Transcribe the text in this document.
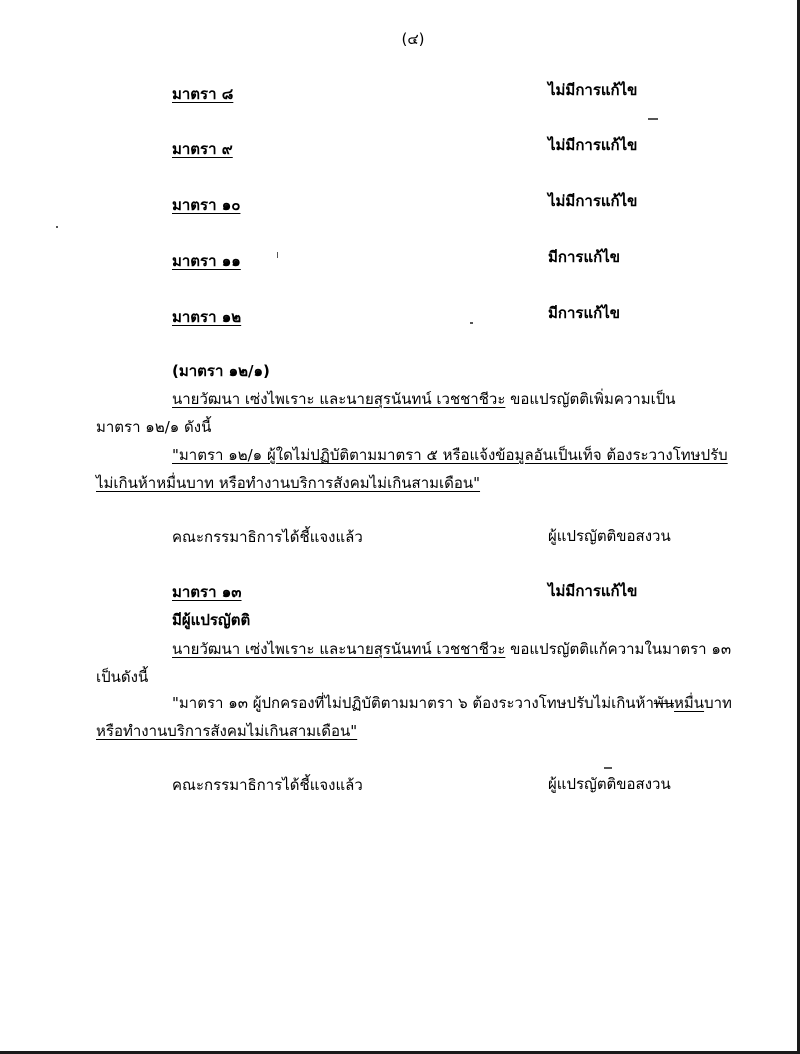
(๔)
มาตรา ๘	ไม่มีการแก้ไข
มาตรา ๙	ไม่มีการแก้ไข
มาตรา ๑๐	ไม่มีการแก้ไข
มาตรา ๑๑	มีการแก้ไข
มาตรา ๑๒	มีการแก้ไข
(มาตรา ๑๒/๑)
นายวัฒนา เซ่งไพเราะ และนายสุรนันทน์ เวชชาชีวะ ขอแปรญัตติเพิ่มความเป็น
มาตรา ๑๒/๑ ดังนี้
"มาตรา ๑๒/๑ ผู้ใดไม่ปฏิบัติตามมาตรา ๕ หรือแจ้งข้อมูลอันเป็นเท็จ ต้องระวางโทษปรับ
ไม่เกินห้าหมื่นบาท หรือทำงานบริการสังคมไม่เกินสามเดือน"
คณะกรรมาธิการได้ชี้แจงแล้ว	ผู้แปรญัตติขอสงวน
มาตรา ๑๓	ไม่มีการแก้ไข
มีผู้แปรญัตติ
นายวัฒนา เซ่งไพเราะ และนายสุรนันทน์ เวชชาชีวะ ขอแปรญัตติแก้ความในมาตรา ๑๓
เป็นดังนี้
"มาตรา ๑๓ ผู้ปกครองที่ไม่ปฏิบัติตามมาตรา ๖ ต้องระวางโทษปรับไม่เกินห้าพันหมื่นบาท
หรือทำงานบริการสังคมไม่เกินสามเดือน"
คณะกรรมาธิการได้ชี้แจงแล้ว	ผู้แปรญัตติขอสงวน
